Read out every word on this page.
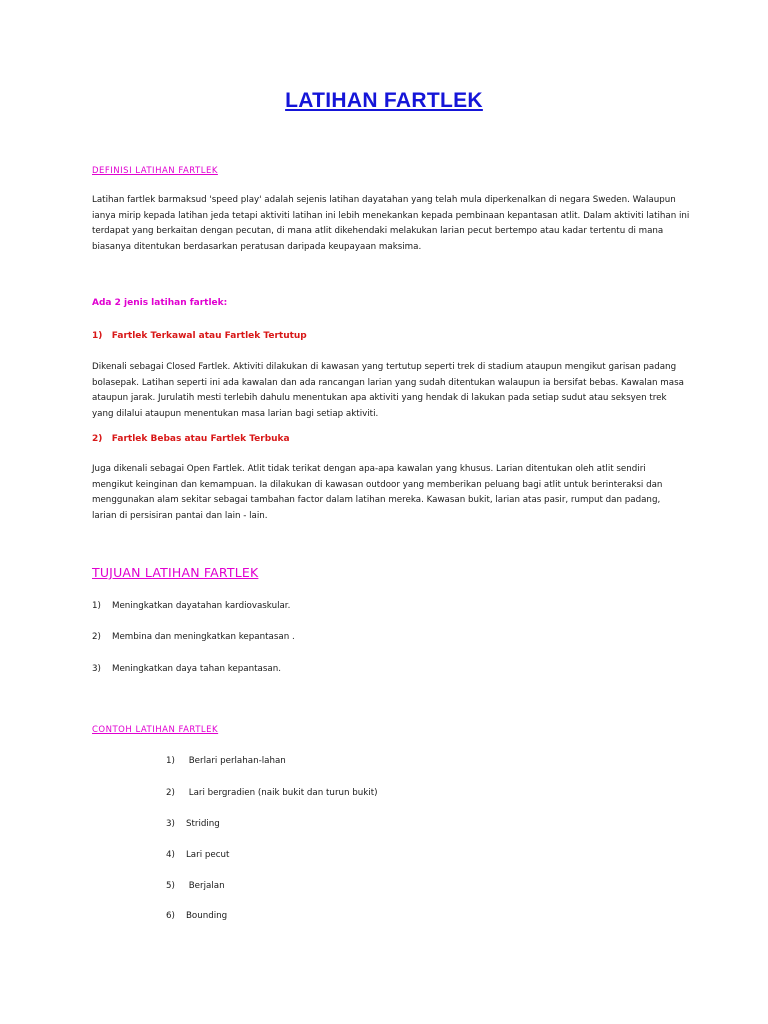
LATIHAN FARTLEK
DEFINISI LATIHAN FARTLEK
Latihan fartlek barmaksud 'speed play' adalah sejenis latihan dayatahan yang telah mula diperkenalkan di negara Sweden. Walaupun
ianya mirip kepada latihan jeda tetapi aktiviti latihan ini lebih menekankan kepada pembinaan kepantasan atlit. Dalam aktiviti latihan ini
terdapat yang berkaitan dengan pecutan, di mana atlit dikehendaki melakukan larian pecut bertempo atau kadar tertentu di mana
biasanya ditentukan berdasarkan peratusan daripada keupayaan maksima.
Ada 2 jenis latihan fartlek:
1)   Fartlek Terkawal atau Fartlek Tertutup
Dikenali sebagai Closed Fartlek. Aktiviti dilakukan di kawasan yang tertutup seperti trek di stadium ataupun mengikut garisan padang
bolasepak. Latihan seperti ini ada kawalan dan ada rancangan larian yang sudah ditentukan walaupun ia bersifat bebas. Kawalan masa
ataupun jarak. Jurulatih mesti terlebih dahulu menentukan apa aktiviti yang hendak di lakukan pada setiap sudut atau seksyen trek
yang dilalui ataupun menentukan masa larian bagi setiap aktiviti.
2)   Fartlek Bebas atau Fartlek Terbuka
Juga dikenali sebagai Open Fartlek. Atlit tidak terikat dengan apa-apa kawalan yang khusus. Larian ditentukan oleh atlit sendiri
mengikut keinginan dan kemampuan. Ia dilakukan di kawasan outdoor yang memberikan peluang bagi atlit untuk berinteraksi dan
menggunakan alam sekitar sebagai tambahan factor dalam latihan mereka. Kawasan bukit, larian atas pasir, rumput dan padang,
larian di persisiran pantai dan lain - lain.
TUJUAN LATIHAN FARTLEK
1)    Meningkatkan dayatahan kardiovaskular.
2)    Membina dan meningkatkan kepantasan .
3)    Meningkatkan daya tahan kepantasan.
CONTOH LATIHAN FARTLEK
1)     Berlari perlahan-lahan
2)     Lari bergradien (naik bukit dan turun bukit)
3)    Striding
4)    Lari pecut
5)     Berjalan
6)    Bounding
